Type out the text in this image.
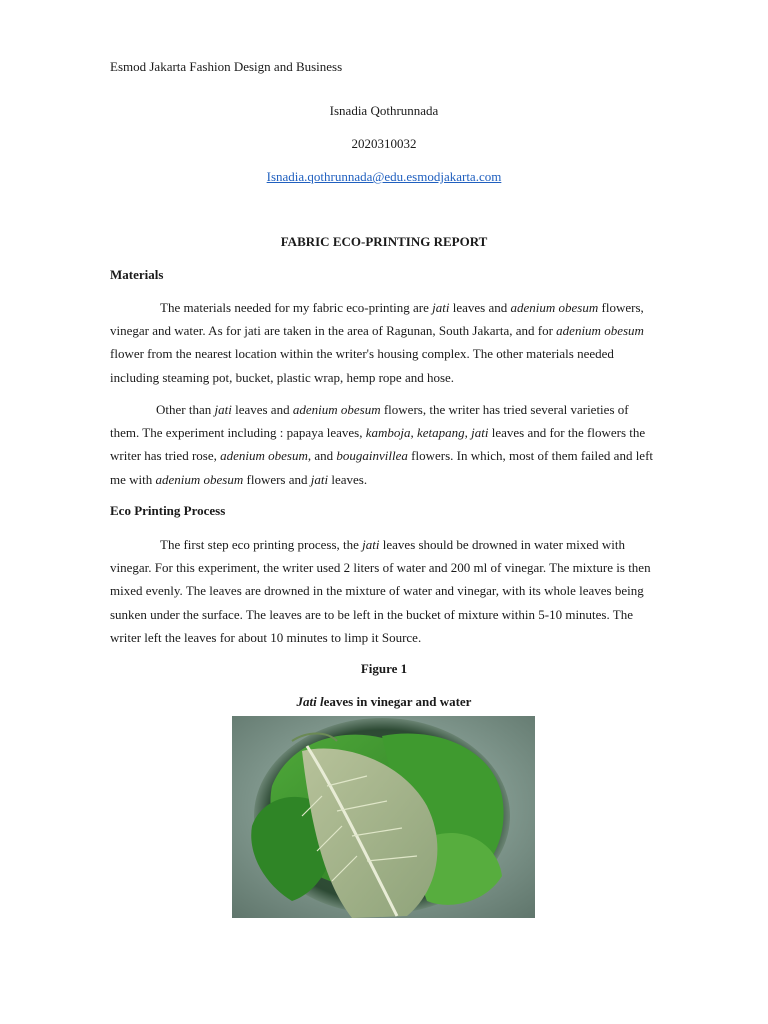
Esmod Jakarta Fashion Design and Business
Isnadia Qothrunnada
2020310032
Isnadia.qothrunnada@edu.esmodjakarta.com
FABRIC ECO-PRINTING REPORT
Materials

The materials needed for my fabric eco-printing are jati leaves and adenium obesum flowers, vinegar and water. As for jati are taken in the area of Ragunan, South Jakarta, and for adenium obesum flower from the nearest location within the writer's housing complex. The other materials needed including steaming pot, bucket, plastic wrap, hemp rope and hose.

Other than jati leaves and adenium obesum flowers, the writer has tried several varieties of them. The experiment including : papaya leaves, kamboja, ketapang, jati leaves and for the flowers the writer has tried rose, adenium obesum, and bougainvillea flowers. In which, most of them failed and left me with adenium obesum flowers and jati leaves.

Eco Printing Process

The first step eco printing process, the jati leaves should be drowned in water mixed with vinegar. For this experiment, the writer used 2 liters of water and 200 ml of vinegar. The mixture is then mixed evenly. The leaves are drowned in the mixture of water and vinegar, with its whole leaves being sunken under the surface. The leaves are to be left in the bucket of mixture within 5-10 minutes. The writer left the leaves for about 10 minutes to limp it Source.

Figure 1
Jati leaves in vinegar and water
